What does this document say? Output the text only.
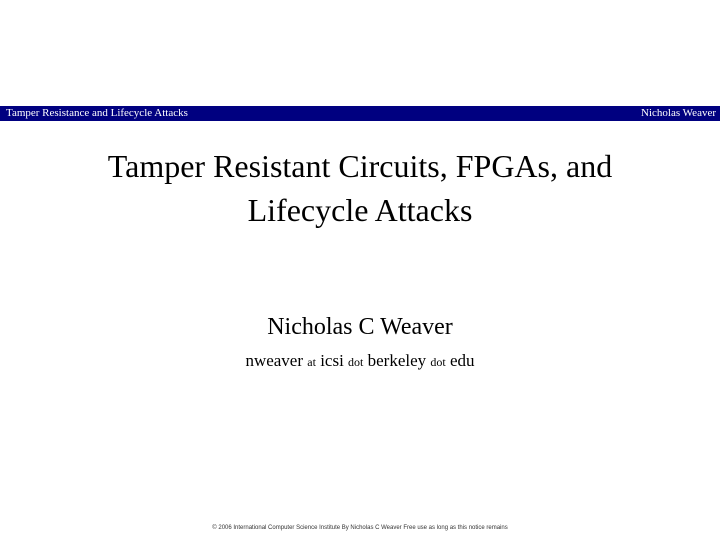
Tamper Resistance and Lifecycle Attacks	Nicholas Weaver
Tamper Resistant Circuits, FPGAs, and
Lifecycle Attacks
Nicholas C Weaver
nweaver at icsi dot berkeley dot edu
© 2006 International Computer Science Institute By Nicholas C Weaver Free use as long as this notice remains
